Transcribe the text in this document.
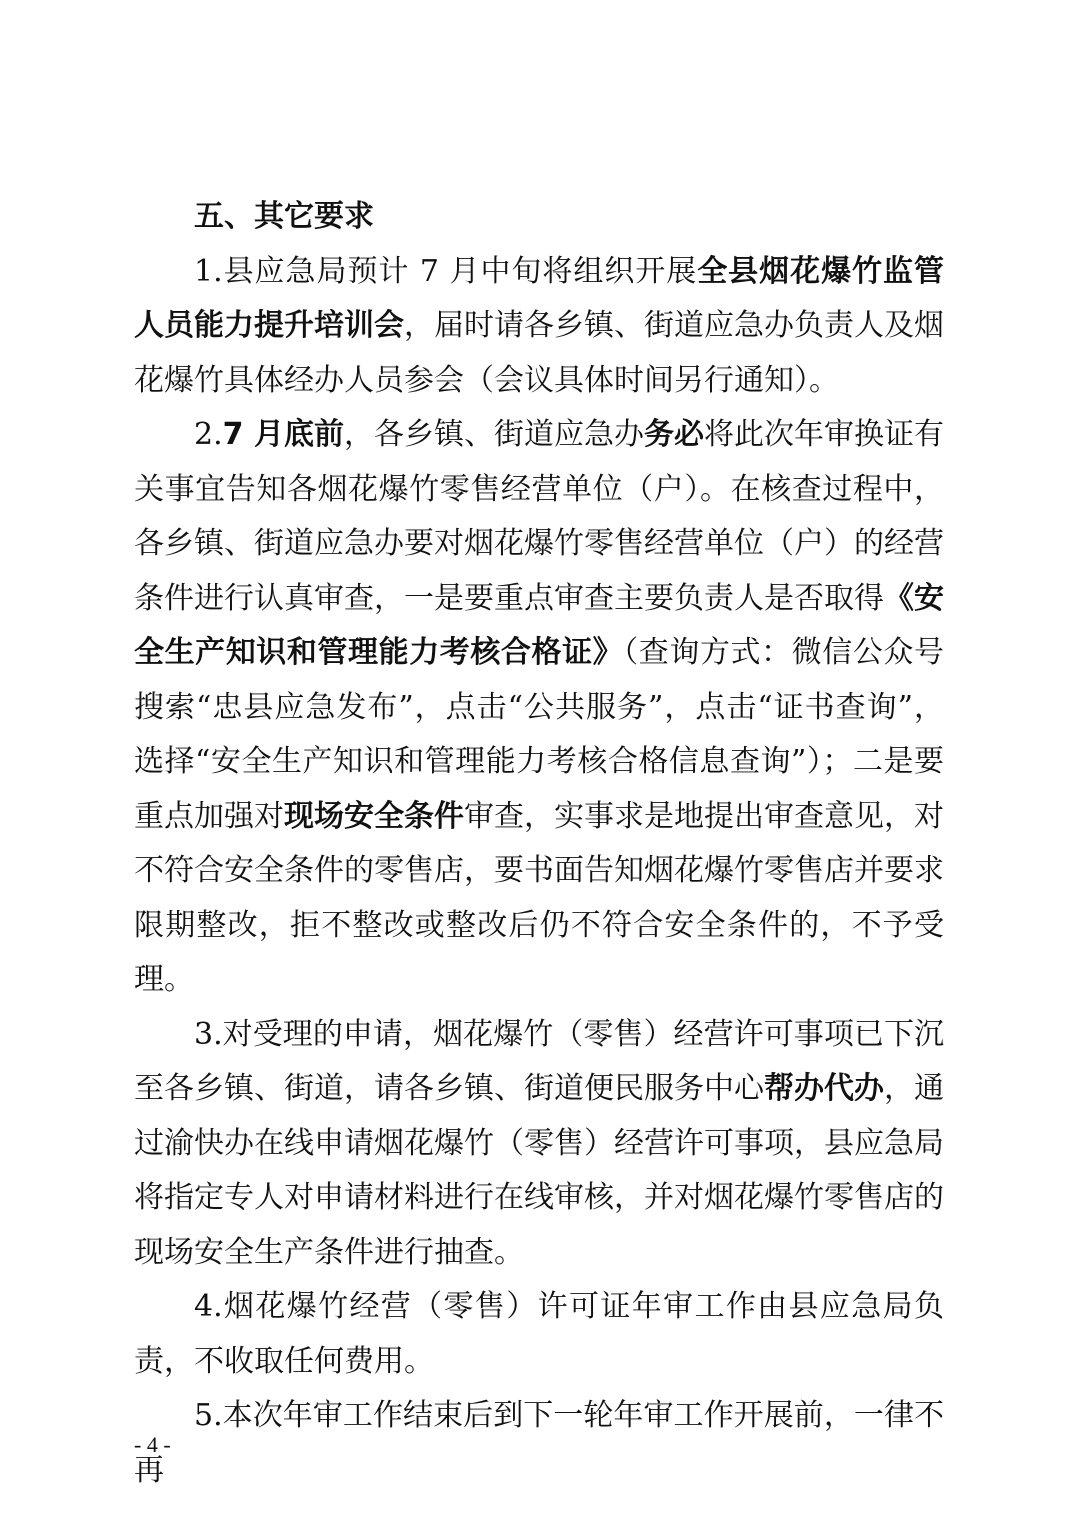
五、其它要求

1.县应急局预计 7 月中旬将组织开展全县烟花爆竹监管人员能力提升培训会，届时请各乡镇、街道应急办负责人及烟花爆竹具体经办人员参会（会议具体时间另行通知）。

2.7 月底前，各乡镇、街道应急办务必将此次年审换证有关事宜告知各烟花爆竹零售经营单位（户）。在核查过程中，各乡镇、街道应急办要对烟花爆竹零售经营单位（户）的经营条件进行认真审查，一是要重点审查主要负责人是否取得《安全生产知识和管理能力考核合格证》（查询方式：微信公众号搜索“忠县应急发布”，点击“公共服务”，点击“证书查询”，选择“安全生产知识和管理能力考核合格信息查询”）；二是要重点加强对现场安全条件审查，实事求是地提出审查意见，对不符合安全条件的零售店，要书面告知烟花爆竹零售店并要求限期整改，拒不整改或整改后仍不符合安全条件的，不予受理。

3.对受理的申请，烟花爆竹（零售）经营许可事项已下沉至各乡镇、街道，请各乡镇、街道便民服务中心帮办代办，通过渝快办在线申请烟花爆竹（零售）经营许可事项，县应急局将指定专人对申请材料进行在线审核，并对烟花爆竹零售店的现场安全生产条件进行抽查。

4.烟花爆竹经营（零售）许可证年审工作由县应急局负责，不收取任何费用。

5.本次年审工作结束后到下一轮年审工作开展前，一律不再

- 4 -
